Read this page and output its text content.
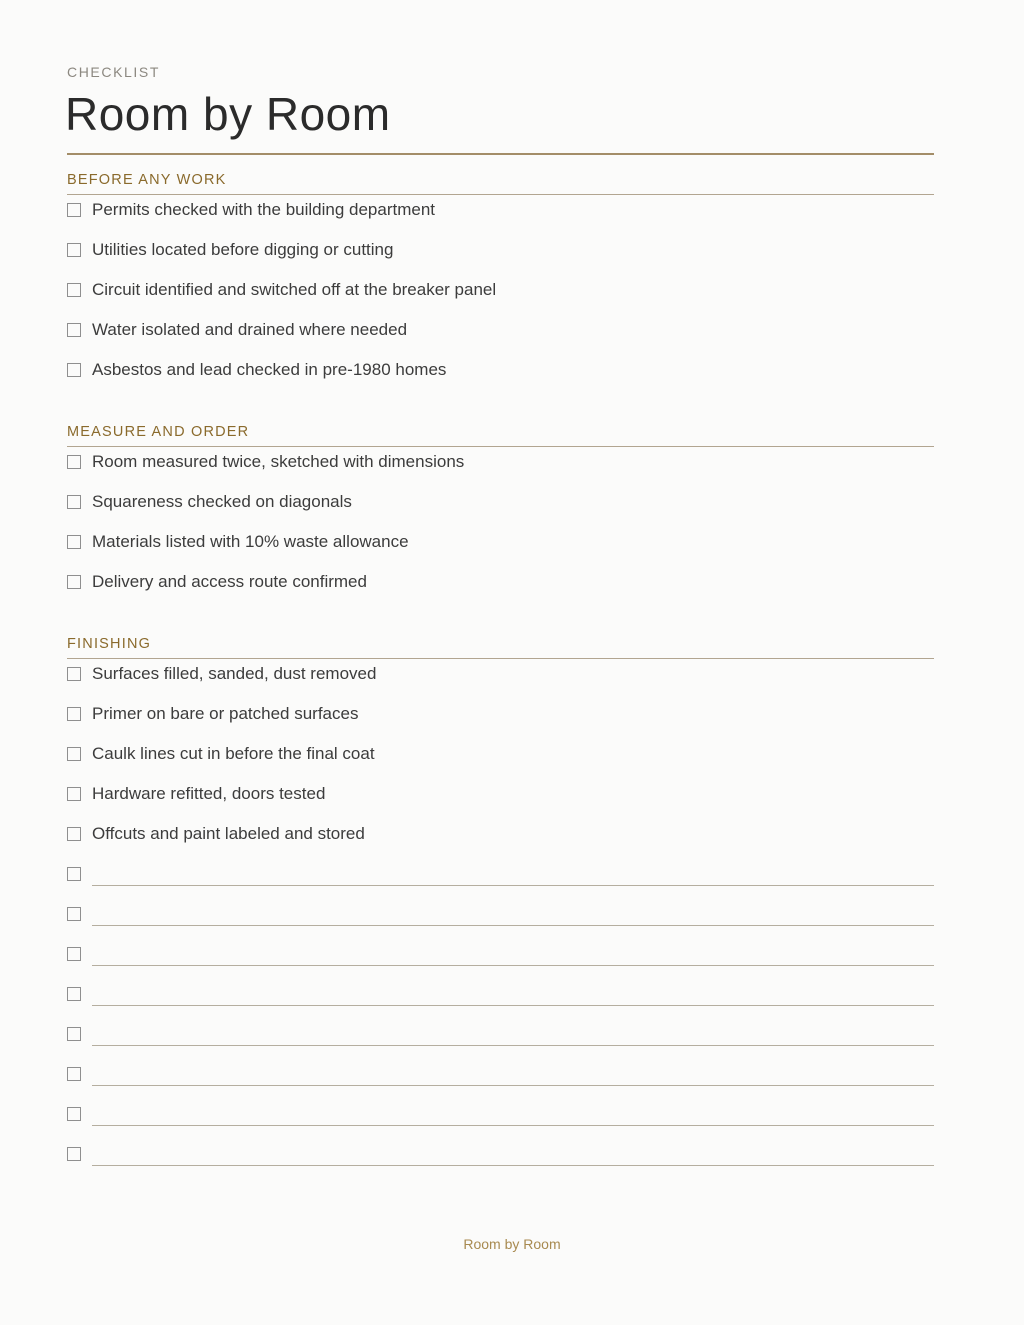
CHECKLIST
Room by Room
BEFORE ANY WORK
Permits checked with the building department
Utilities located before digging or cutting
Circuit identified and switched off at the breaker panel
Water isolated and drained where needed
Asbestos and lead checked in pre-1980 homes
MEASURE AND ORDER
Room measured twice, sketched with dimensions
Squareness checked on diagonals
Materials listed with 10% waste allowance
Delivery and access route confirmed
FINISHING
Surfaces filled, sanded, dust removed
Primer on bare or patched surfaces
Caulk lines cut in before the final coat
Hardware refitted, doors tested
Offcuts and paint labeled and stored
Room by Room
